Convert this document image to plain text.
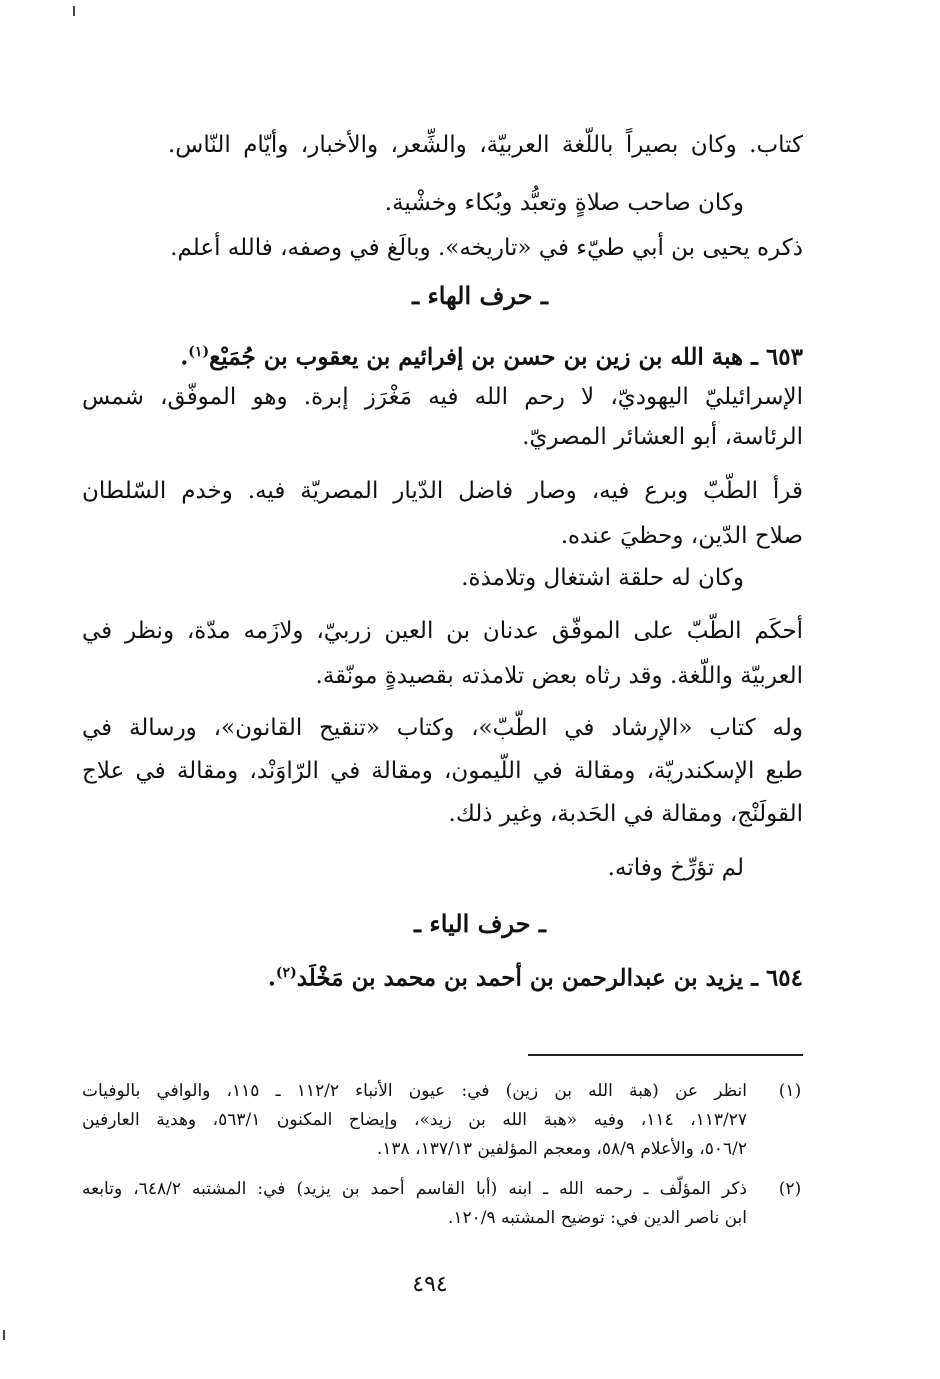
كتاب. وكان بصيراً باللّغة العربيّة، والشِّعر، والأخبار، وأيّام النّاس.
وكان صاحب صلاةٍ وتعبُّد وبُكاء وخشْية.
ذكره يحيى بن أبي طيّء في «تاريخه». وبالَغ في وصفه، فالله أعلم.
ـ حرف الهاء ـ
٦٥٣ ـ هبة الله بن زين بن حسن بن إفرائيم بن يعقوب بن جُمَيْع$^{(١)}$.
الإسرائيليّ اليهوديّ، لا رحم الله فيه مَغْرَز إبرة. وهو الموفّق، شمس
الرئاسة، أبو العشائر المصريّ.
قرأ الطّبّ وبرع فيه، وصار فاضل الدّيار المصريّة فيه. وخدم السّلطان
صلاح الدّين، وحظيَ عنده.
وكان له حلقة اشتغال وتلامذة.
أحكَم الطّبّ على الموفّق عدنان بن العين زربيّ، ولازَمه مدّة، ونظر في
العربيّة واللّغة. وقد رثاه بعض تلامذته بقصيدةٍ مونّقة.
وله كتاب «الإرشاد في الطّبّ»، وكتاب «تنقيح القانون»، ورسالة في
طبع الإسكندريّة، ومقالة في اللّيمون، ومقالة في الرّاوَنْد، ومقالة في علاج
القولَنْج، ومقالة في الحَدبة، وغير ذلك.
لم تؤرِّخ وفاته.
ـ حرف الياء ـ
٦٥٤ ـ يزيد بن عبدالرحمن بن أحمد بن محمد بن مَخْلَد$^{(٢)}$.
(١)
انظر عن (هبة الله بن زين) في: عيون الأنباء ١١٢/٢ ـ ١١٥، والوافي بالوفيات
١١٣/٢٧، ١١٤، وفيه «هبة الله بن زيد»، وإيضاح المكنون ٥٦٣/١، وهدية العارفين
٥٠٦/٢، والأعلام ٥٨/٩، ومعجم المؤلفين ١٣٧/١٣، ١٣٨.
(٢)
ذكر المؤلّف ـ رحمه الله ـ ابنه (أبا القاسم أحمد بن يزيد) في: المشتبه ٦٤٨/٢، وتابعه
ابن ناصر الدين في: توضيح المشتبه ١٢٠/٩.
٤٩٤
